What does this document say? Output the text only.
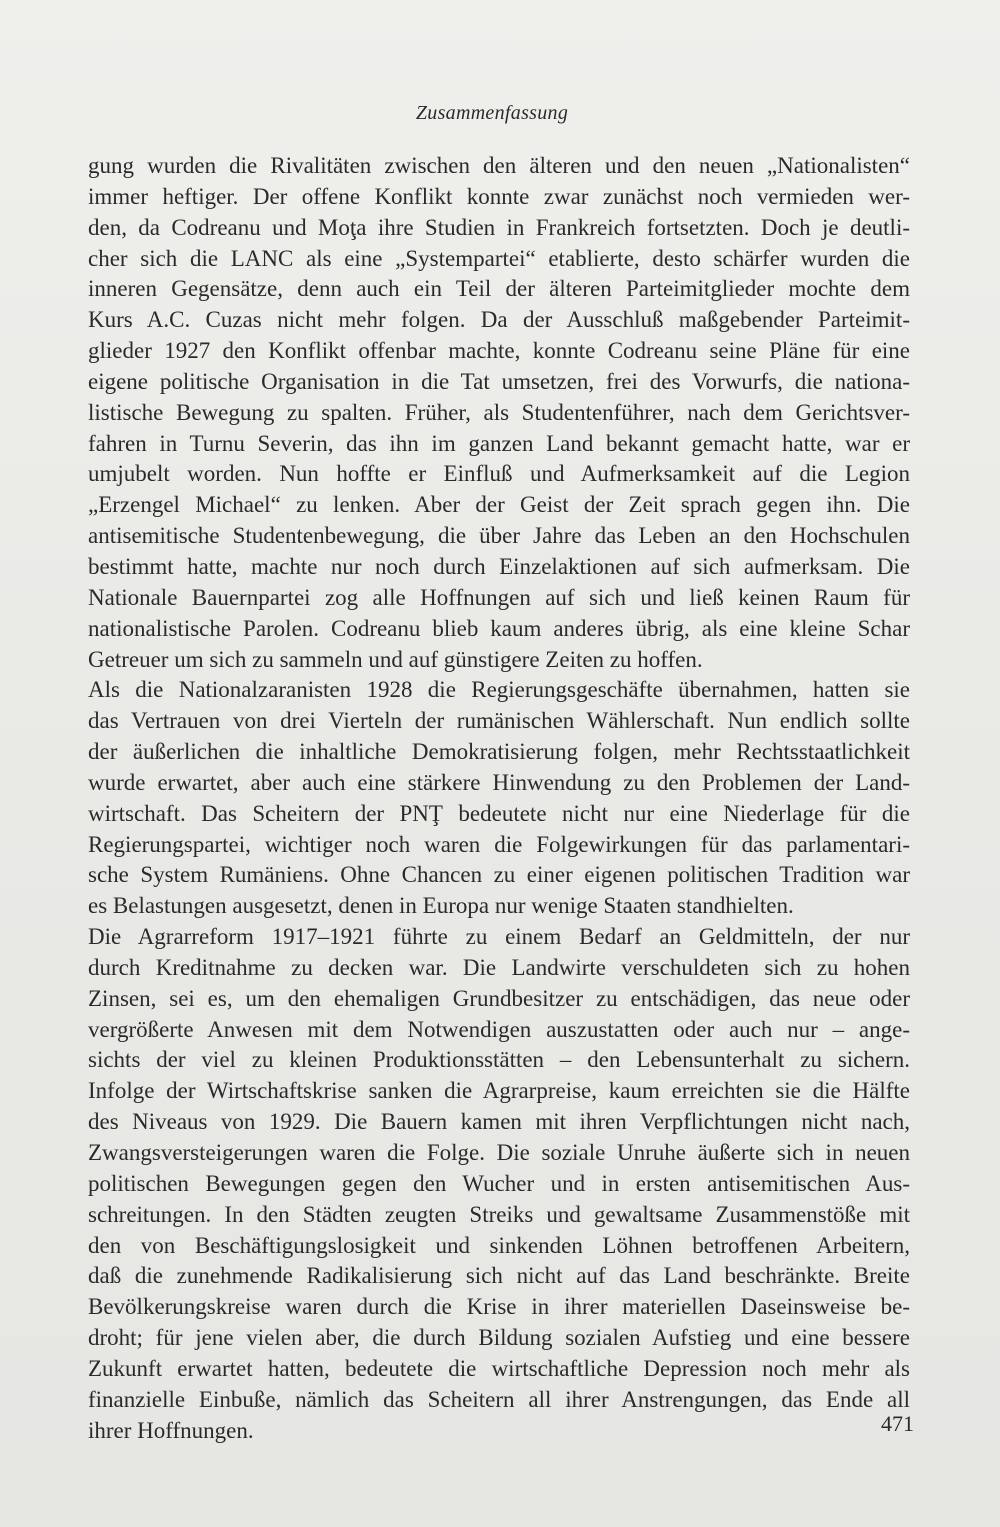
Zusammenfassung
gung wurden die Rivalitäten zwischen den älteren und den neuen „Nationalisten“
immer heftiger. Der offene Konflikt konnte zwar zunächst noch vermieden wer-
den, da Codreanu und Moţa ihre Studien in Frankreich fortsetzten. Doch je deutli-
cher sich die LANC als eine „Systempartei“ etablierte, desto schärfer wurden die
inneren Gegensätze, denn auch ein Teil der älteren Parteimitglieder mochte dem
Kurs A.C. Cuzas nicht mehr folgen. Da der Ausschluß maßgebender Parteimit-
glieder 1927 den Konflikt offenbar machte, konnte Codreanu seine Pläne für eine
eigene politische Organisation in die Tat umsetzen, frei des Vorwurfs, die nationa-
listische Bewegung zu spalten. Früher, als Studentenführer, nach dem Gerichtsver-
fahren in Turnu Severin, das ihn im ganzen Land bekannt gemacht hatte, war er
umjubelt worden. Nun hoffte er Einfluß und Aufmerksamkeit auf die Legion
„Erzengel Michael“ zu lenken. Aber der Geist der Zeit sprach gegen ihn. Die
antisemitische Studentenbewegung, die über Jahre das Leben an den Hochschulen
bestimmt hatte, machte nur noch durch Einzelaktionen auf sich aufmerksam. Die
Nationale Bauernpartei zog alle Hoffnungen auf sich und ließ keinen Raum für
nationalistische Parolen. Codreanu blieb kaum anderes übrig, als eine kleine Schar
Getreuer um sich zu sammeln und auf günstigere Zeiten zu hoffen.
Als die Nationalzaranisten 1928 die Regierungsgeschäfte übernahmen, hatten sie
das Vertrauen von drei Vierteln der rumänischen Wählerschaft. Nun endlich sollte
der äußerlichen die inhaltliche Demokratisierung folgen, mehr Rechtsstaatlichkeit
wurde erwartet, aber auch eine stärkere Hinwendung zu den Problemen der Land-
wirtschaft. Das Scheitern der PNŢ bedeutete nicht nur eine Niederlage für die
Regierungspartei, wichtiger noch waren die Folgewirkungen für das parlamentari-
sche System Rumäniens. Ohne Chancen zu einer eigenen politischen Tradition war
es Belastungen ausgesetzt, denen in Europa nur wenige Staaten standhielten.
Die Agrarreform 1917–1921 führte zu einem Bedarf an Geldmitteln, der nur
durch Kreditnahme zu decken war. Die Landwirte verschuldeten sich zu hohen
Zinsen, sei es, um den ehemaligen Grundbesitzer zu entschädigen, das neue oder
vergrößerte Anwesen mit dem Notwendigen auszustatten oder auch nur – ange-
sichts der viel zu kleinen Produktionsstätten – den Lebensunterhalt zu sichern.
Infolge der Wirtschaftskrise sanken die Agrarpreise, kaum erreichten sie die Hälfte
des Niveaus von 1929. Die Bauern kamen mit ihren Verpflichtungen nicht nach,
Zwangsversteigerungen waren die Folge. Die soziale Unruhe äußerte sich in neuen
politischen Bewegungen gegen den Wucher und in ersten antisemitischen Aus-
schreitungen. In den Städten zeugten Streiks und gewaltsame Zusammenstöße mit
den von Beschäftigungslosigkeit und sinkenden Löhnen betroffenen Arbeitern,
daß die zunehmende Radikalisierung sich nicht auf das Land beschränkte. Breite
Bevölkerungskreise waren durch die Krise in ihrer materiellen Daseinsweise be-
droht; für jene vielen aber, die durch Bildung sozialen Aufstieg und eine bessere
Zukunft erwartet hatten, bedeutete die wirtschaftliche Depression noch mehr als
finanzielle Einbuße, nämlich das Scheitern all ihrer Anstrengungen, das Ende all
ihrer Hoffnungen.	471
